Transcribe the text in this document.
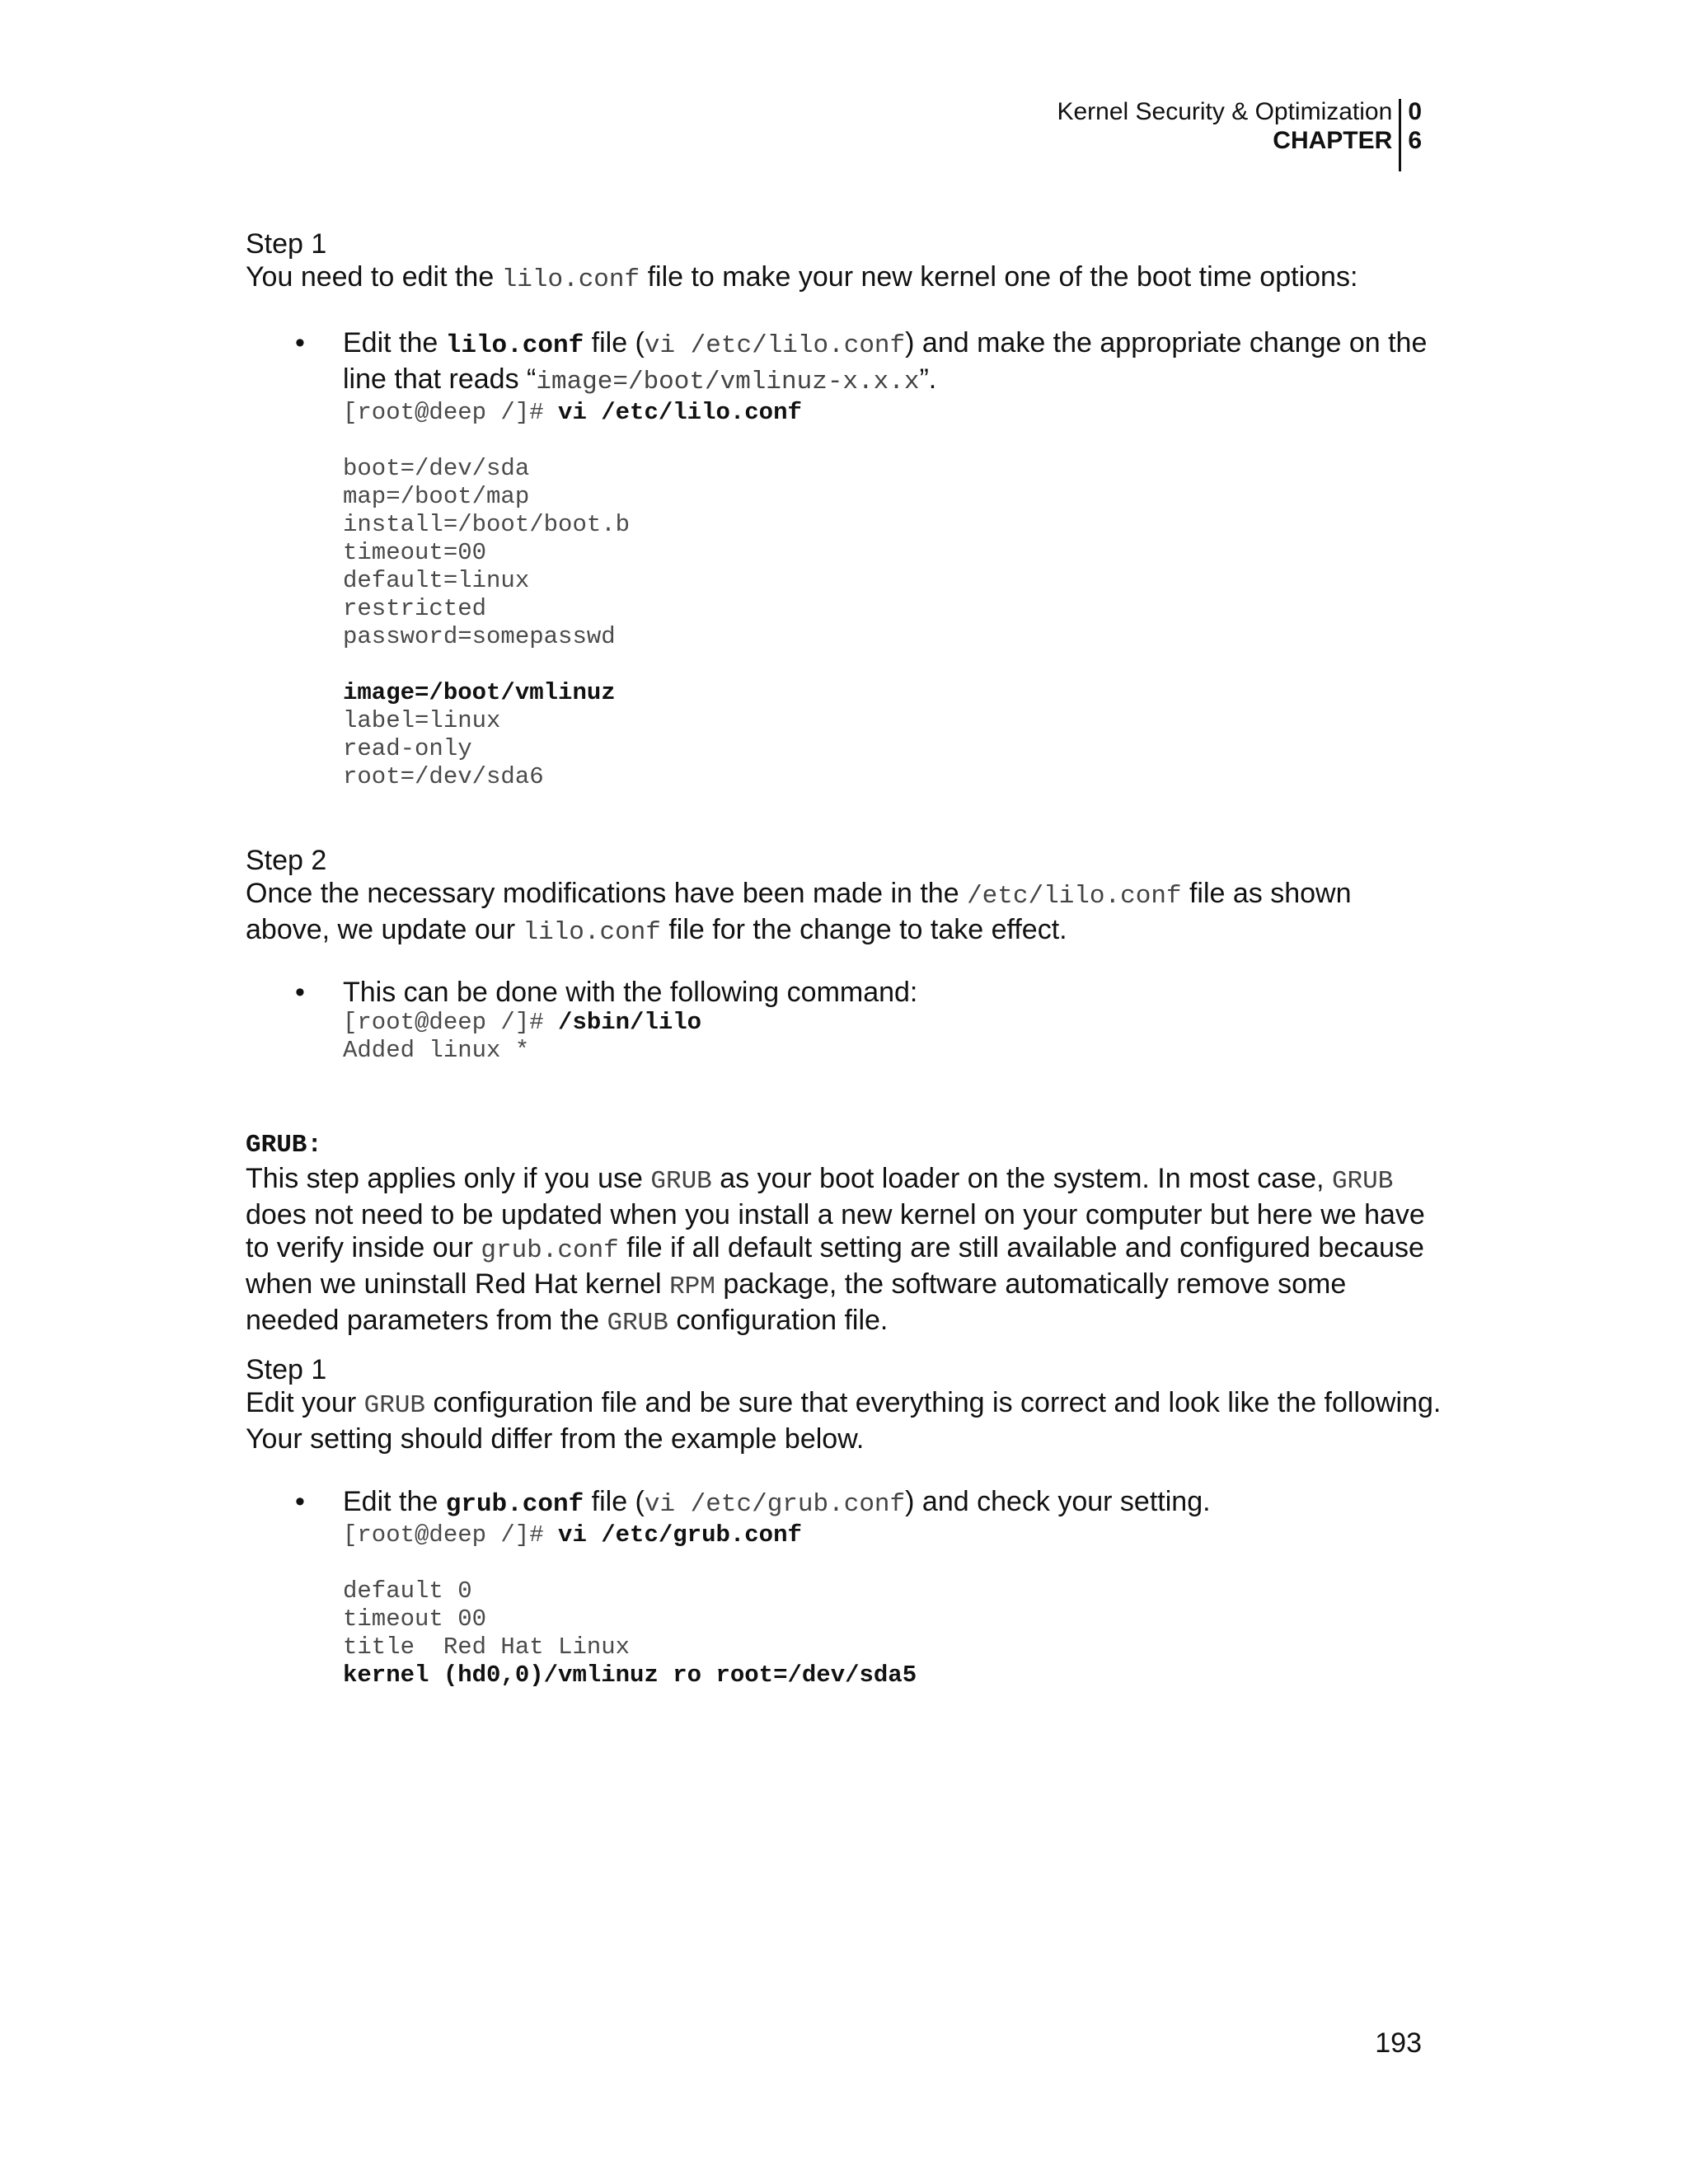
Kernel Security & Optimization
CHAPTER
0
6

Step 1

You need to edit the lilo.conf file to make your new kernel one of the boot time options:

• Edit the lilo.conf file (vi /etc/lilo.conf) and make the appropriate change on the line that reads “image=/boot/vmlinuz-x.x.x”.

[root@deep /]# vi /etc/lilo.conf

boot=/dev/sda
map=/boot/map
install=/boot/boot.b
timeout=00
default=linux
restricted
password=somepasswd

image=/boot/vmlinuz
label=linux
read-only
root=/dev/sda6

Step 2

Once the necessary modifications have been made in the /etc/lilo.conf file as shown above, we update our lilo.conf file for the change to take effect.

• This can be done with the following command:

[root@deep /]# /sbin/lilo
Added linux *
GRUB:

This step applies only if you use GRUB as your boot loader on the system. In most case, GRUB does not need to be updated when you install a new kernel on your computer but here we have to verify inside our grub.conf file if all default setting are still available and configured because when we uninstall Red Hat kernel RPM package, the software automatically remove some needed parameters from the GRUB configuration file.

Step 1

Edit your GRUB configuration file and be sure that everything is correct and look like the following. Your setting should differ from the example below.

• Edit the grub.conf file (vi /etc/grub.conf) and check your setting.

[root@deep /]# vi /etc/grub.conf

default 0
timeout 00
title  Red Hat Linux
kernel (hd0,0)/vmlinuz ro root=/dev/sda5
193
